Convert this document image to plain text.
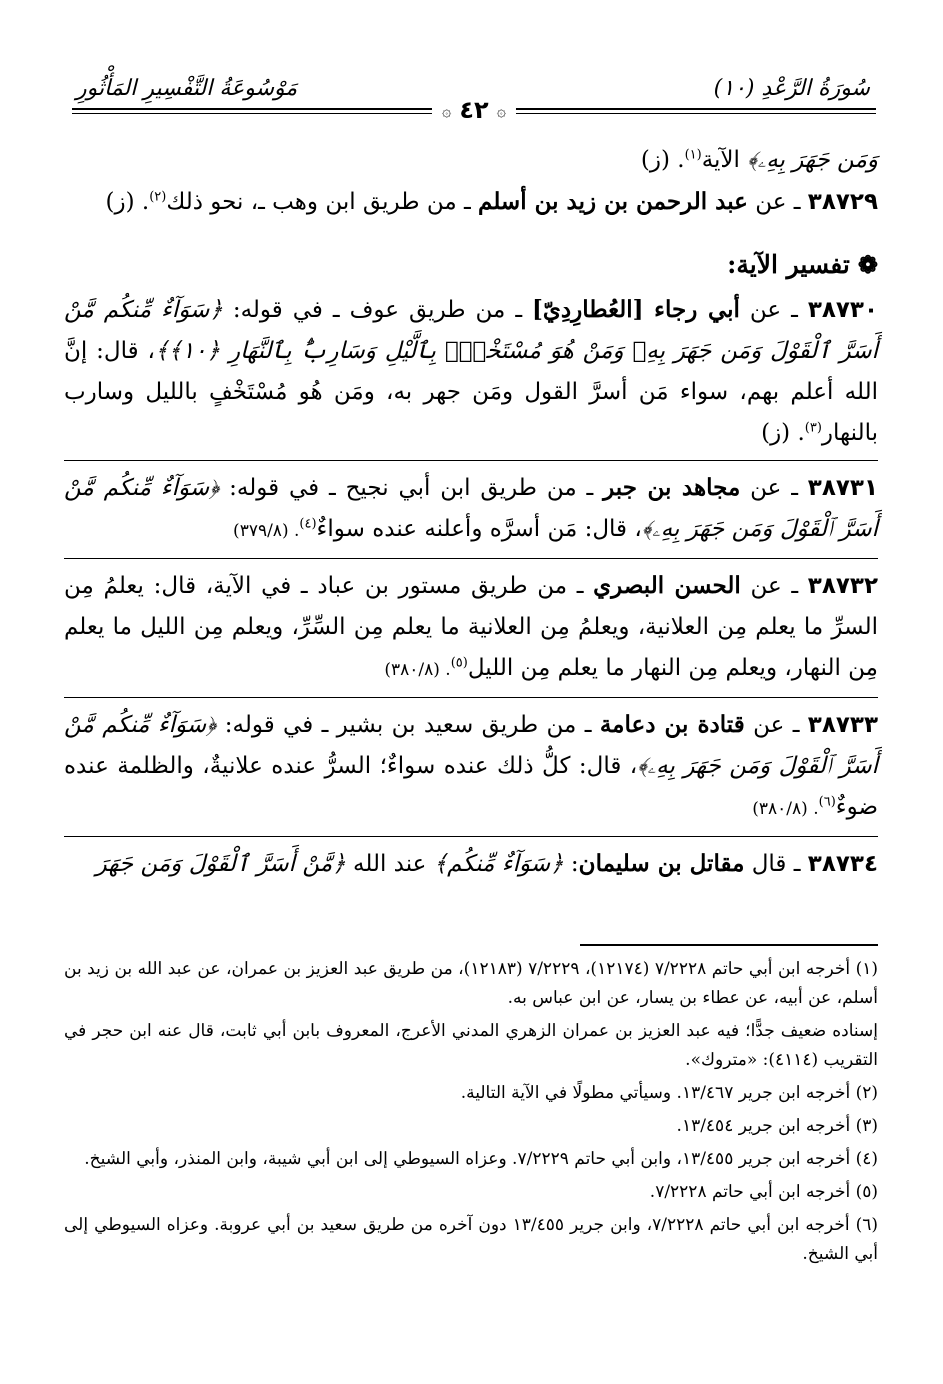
سُورَةُ الرَّعْدِ (١٠)
مَوْسُوعَةُ التَّفْسِيرِ المَأْثُورِ
۞ ٤٢ ۞

وَمَن جَهَرَ بِهِۦ﴾ الآية$^{(١)}$. (ز)

٣٨٧٢٩ ـ عن عبد الرحمن بن زيد بن أسلم ـ من طريق ابن وهب ـ، نحو ذلك$^{(٢)}$. (ز)

❁تفسير الآية:

٣٨٧٣٠ ـ عن أبي رجاء [العُطارِدِيّ] ـ من طريق عوف ـ في قوله: ﴿سَوَآءٌ مِّنكُم مَّنْ أَسَرَّ ٱلْقَوْلَ وَمَن جَهَرَ بِهِۦ وَمَنْ هُوَ مُسْتَخْفٍۭ بِٱلَّيْلِ وَسَارِبٌۢ بِٱلنَّهَارِ ﴿١٠﴾﴾، قال: إنَّ الله أعلم بهم، سواء مَن أسرَّ القول ومَن جهر به، ومَن هُو مُسْتَخْفٍ بالليل وسارب بالنهار$^{(٣)}$. (ز)

٣٨٧٣١ ـ عن مجاهد بن جبر ـ من طريق ابن أبي نجيح ـ في قوله: ﴿سَوَآءٌ مِّنكُم مَّنْ أَسَرَّ ٱلْقَوْلَ وَمَن جَهَرَ بِهِۦ﴾، قال: مَن أسرَّه وأعلنه عنده سواءٌ$^{(٤)}$. (٣٧٩/٨)

٣٨٧٣٢ ـ عن الحسن البصري ـ من طريق مستور بن عباد ـ في الآية، قال: يعلمُ مِن السرِّ ما يعلم مِن العلانية، ويعلمُ مِن العلانية ما يعلم مِن السِّرِّ، ويعلم مِن الليل ما يعلم مِن النهار، ويعلم مِن النهار ما يعلم مِن الليل$^{(٥)}$. (٣٨٠/٨)

٣٨٧٣٣ ـ عن قتادة بن دعامة ـ من طريق سعيد بن بشير ـ في قوله: ﴿سَوَآءٌ مِّنكُم مَّنْ أَسَرَّ ٱلْقَوْلَ وَمَن جَهَرَ بِهِۦ﴾، قال: كلُّ ذلك عنده سواءٌ؛ السرُّ عنده علانيةٌ، والظلمة عنده ضوءٌ$^{(٦)}$. (٣٨٠/٨)

٣٨٧٣٤ ـ قال مقاتل بن سليمان: ﴿سَوَآءٌ مِّنكُم﴾ عند الله ﴿مَّنْ أَسَرَّ ٱلْقَوْلَ وَمَن جَهَرَ

(١) أخرجه ابن أبي حاتم ٧/٢٢٢٨ (١٢١٧٤)، ٧/٢٢٢٩ (١٢١٨٣)، من طريق عبد العزيز بن عمران، عن عبد الله بن زيد بن أسلم، عن أبيه، عن عطاء بن يسار، عن ابن عباس به.

إسناده ضعيف جدًّا؛ فيه عبد العزيز بن عمران الزهري المدني الأعرج، المعروف بابن أبي ثابت، قال عنه ابن حجر في التقريب (٤١١٤): «متروك».

(٢) أخرجه ابن جرير ١٣/٤٦٧. وسيأتي مطولًا في الآية التالية.

(٣) أخرجه ابن جرير ١٣/٤٥٤.

(٤) أخرجه ابن جرير ١٣/٤٥٥، وابن أبي حاتم ٧/٢٢٢٩. وعزاه السيوطي إلى ابن أبي شيبة، وابن المنذر، وأبي الشيخ.

(٥) أخرجه ابن أبي حاتم ٧/٢٢٢٨.

(٦) أخرجه ابن أبي حاتم ٧/٢٢٢٨، وابن جرير ١٣/٤٥٥ دون آخره من طريق سعيد بن أبي عروبة. وعزاه السيوطي إلى أبي الشيخ.
